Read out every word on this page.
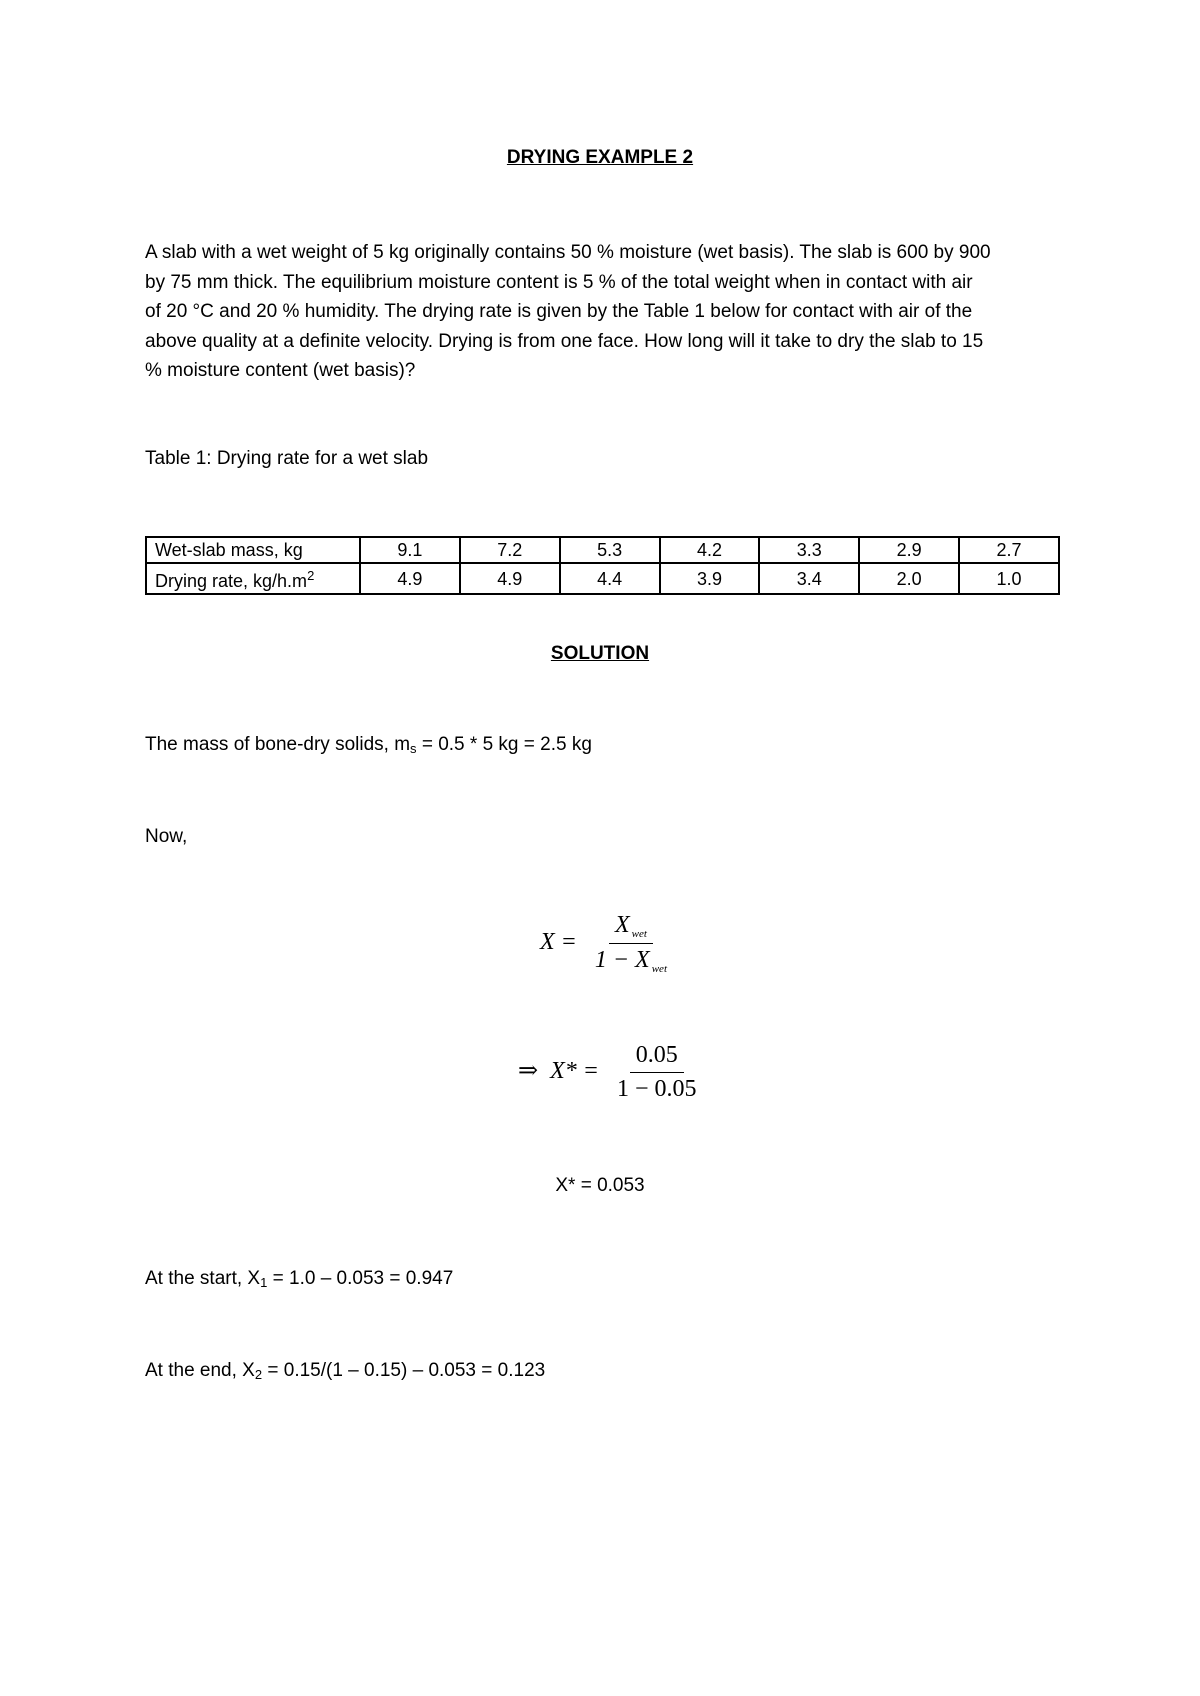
DRYING EXAMPLE 2
A slab with a wet weight of 5 kg originally contains 50 % moisture (wet basis). The slab is 600 by 900
by 75 mm thick. The equilibrium moisture content is 5 % of the total weight when in contact with air
of 20 °C and 20 % humidity. The drying rate is given by the Table 1 below for contact with air of the
above quality at a definite velocity. Drying is from one face. How long will it take to dry the slab to 15
% moisture content (wet basis)?
Table 1: Drying rate for a wet slab
Wet-slab mass, kg	9.1	7.2	5.3	4.2	3.3	2.9	2.7
Drying rate, $kg/h.m^2$	4.9	4.9	4.4	3.9	3.4	2.0	1.0
SOLUTION
The mass of bone-dry solids, $m_s = 0.5 * 5$ kg = 2.5 kg
Now,
$X = \frac{X _{wet}}{1 - X _{wet}}$
⇒  $X* = \frac{0.05}{1 - 0.05}$
X* = 0.053
At the start, $X_1 = 1.0 - 0.053 = 0.947$
At the end, $X_2 = 0.15/(1 - 0.15) - 0.053 = 0.123$
